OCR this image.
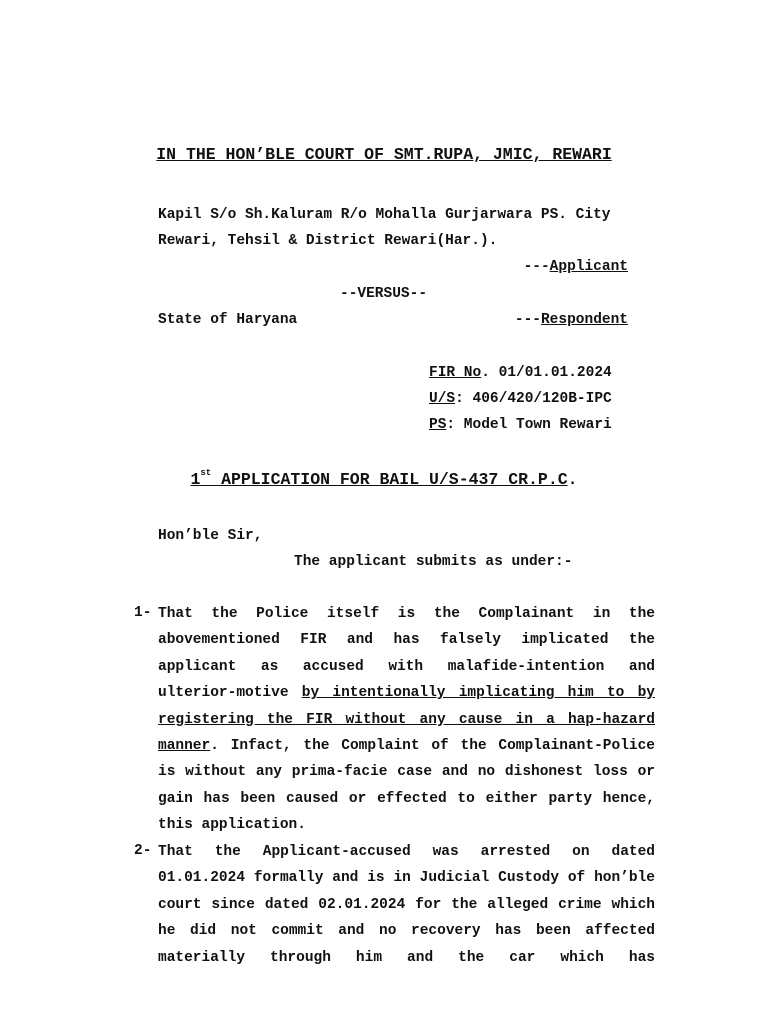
IN THE HON’BLE COURT OF SMT.RUPA, JMIC, REWARI
Kapil S/o Sh.Kaluram R/o Mohalla Gurjarwara PS. City
Rewari, Tehsil & District Rewari(Har.).
---Applicant
--VERSUS--
State of Haryana	---Respondent
FIR No. 01/01.01.2024
U/S: 406/420/120B-IPC
PS: Model Town Rewari
1st APPLICATION FOR BAIL U/S-437 CR.P.C.
Hon’ble Sir,
The applicant submits as under:-
1- That the Police itself is the Complainant in the abovementioned FIR and has falsely implicated the applicant as accused with malafide-intention and ulterior-motive by intentionally implicating him to by registering the FIR without any cause in a hap-hazard manner. Infact, the Complaint of the Complainant-Police is without any prima-facie case and no dishonest loss or gain has been caused or effected to either party hence, this application.
2- That the Applicant-accused was arrested on dated 01.01.2024 formally and is in Judicial Custody of hon’ble court since dated 02.01.2024 for the alleged crime which he did not commit and no recovery has been affected materially through him and the car which has
